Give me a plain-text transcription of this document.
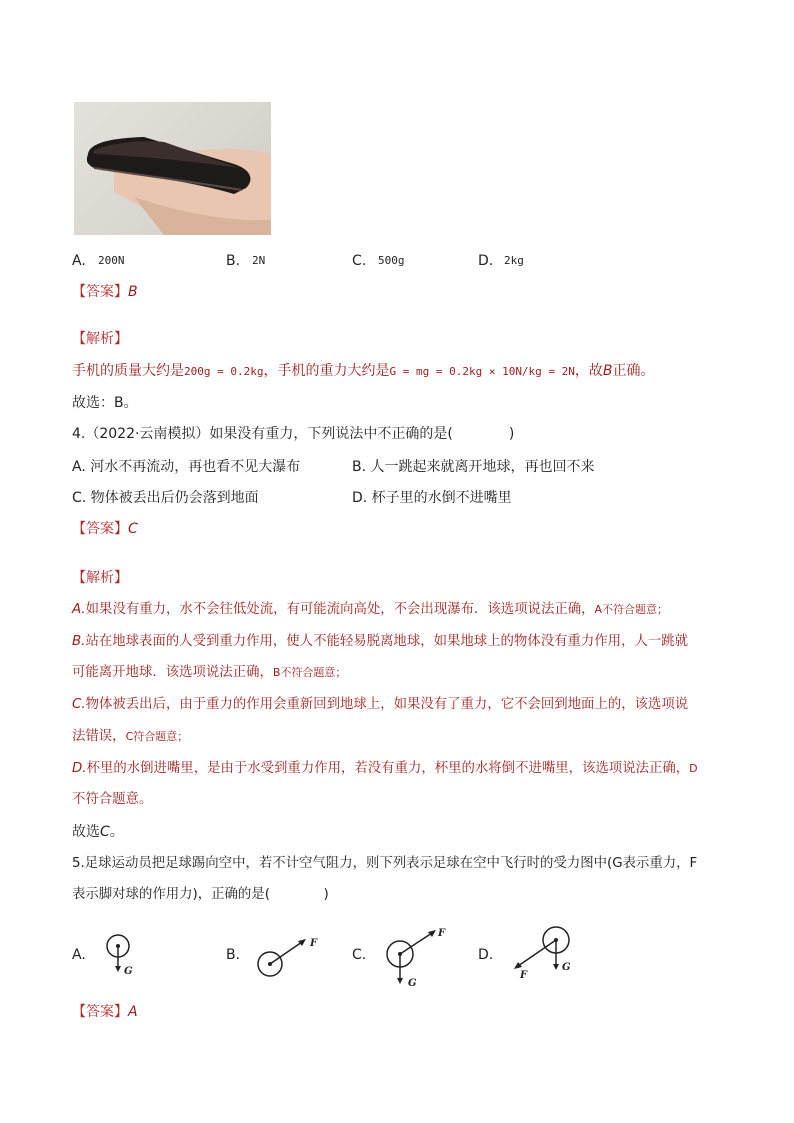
A. 200N	B. 2N	C. 500g	D. 2kg
【答案】B
【解析】
手机的质量大约是200g = 0.2kg，手机的重力大约是G = mg = 0.2kg × 10N/kg = 2N，故B正确。
故选：B。
4.（2022·云南模拟）如果没有重力，下列说法中不正确的是(　　　　)
A. 河水不再流动，再也看不见大瀑布	B. 人一跳起来就离开地球，再也回不来
C. 物体被丢出后仍会落到地面	D. 杯子里的水倒不进嘴里
【答案】C
【解析】
A.如果没有重力，水不会往低处流，有可能流向高处，不会出现瀑布．该选项说法正确，A不符合题意；
B.站在地球表面的人受到重力作用，使人不能轻易脱离地球，如果地球上的物体没有重力作用，人一跳就
可能离开地球．该选项说法正确，B不符合题意；
C.物体被丢出后，由于重力的作用会重新回到地球上，如果没有了重力，它不会回到地面上的，该选项说
法错误，C符合题意；
D.杯里的水倒进嘴里，是由于水受到重力作用，若没有重力，杯里的水将倒不进嘴里，该选项说法正确，D
不符合题意。
故选C。
5.足球运动员把足球踢向空中，若不计空气阻力，则下列表示足球在空中飞行时的受力图中(G表示重力，F
表示脚对球的作用力)，正确的是(　　　　)
A.
G
B.
F
C.
F
G
D.
F
G
【答案】A
